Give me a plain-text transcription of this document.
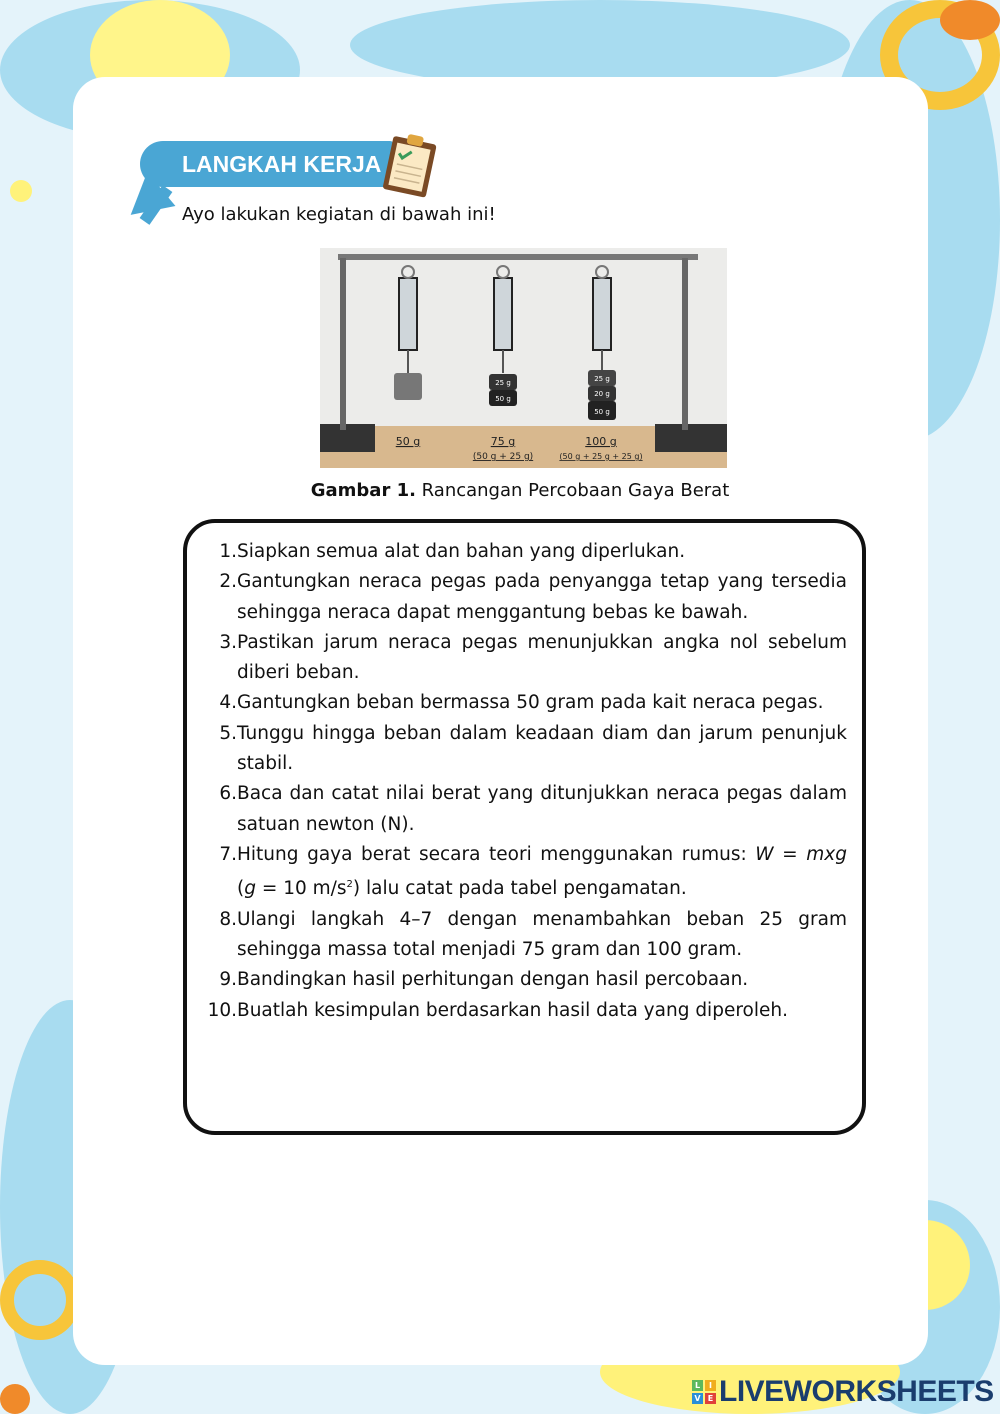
LANGKAH KERJA
Ayo lakukan kegiatan di bawah ini!
25 g
50 g
25 g
20 g
50 g
50 g	75 g
(50 g + 25 g)
100 g
(50 g + 25 g + 25 g)
Gambar 1. Rancangan Percobaan Gaya Berat
1. Siapkan semua alat dan bahan yang diperlukan.
2. Gantungkan neraca pegas pada penyangga tetap yang tersedia sehingga neraca dapat menggantung bebas ke bawah.
3. Pastikan jarum neraca pegas menunjukkan angka nol sebelum diberi beban.
4. Gantungkan beban bermassa 50 gram pada kait neraca pegas.
5. Tunggu hingga beban dalam keadaan diam dan jarum penunjuk stabil.
6. Baca dan catat nilai berat yang ditunjukkan neraca pegas dalam satuan newton (N).
7. Hitung gaya berat secara teori menggunakan rumus: W = mxg (g = 10 $m/s^2$) lalu catat pada tabel pengamatan.
8. Ulangi langkah 4–7 dengan menambahkan beban 25 gram sehingga massa total menjadi 75 gram dan 100 gram.
9. Bandingkan hasil perhitungan dengan hasil percobaan.
10. Buatlah kesimpulan berdasarkan hasil data yang diperoleh.
L	I
V E LIVEWORKSHEETS
